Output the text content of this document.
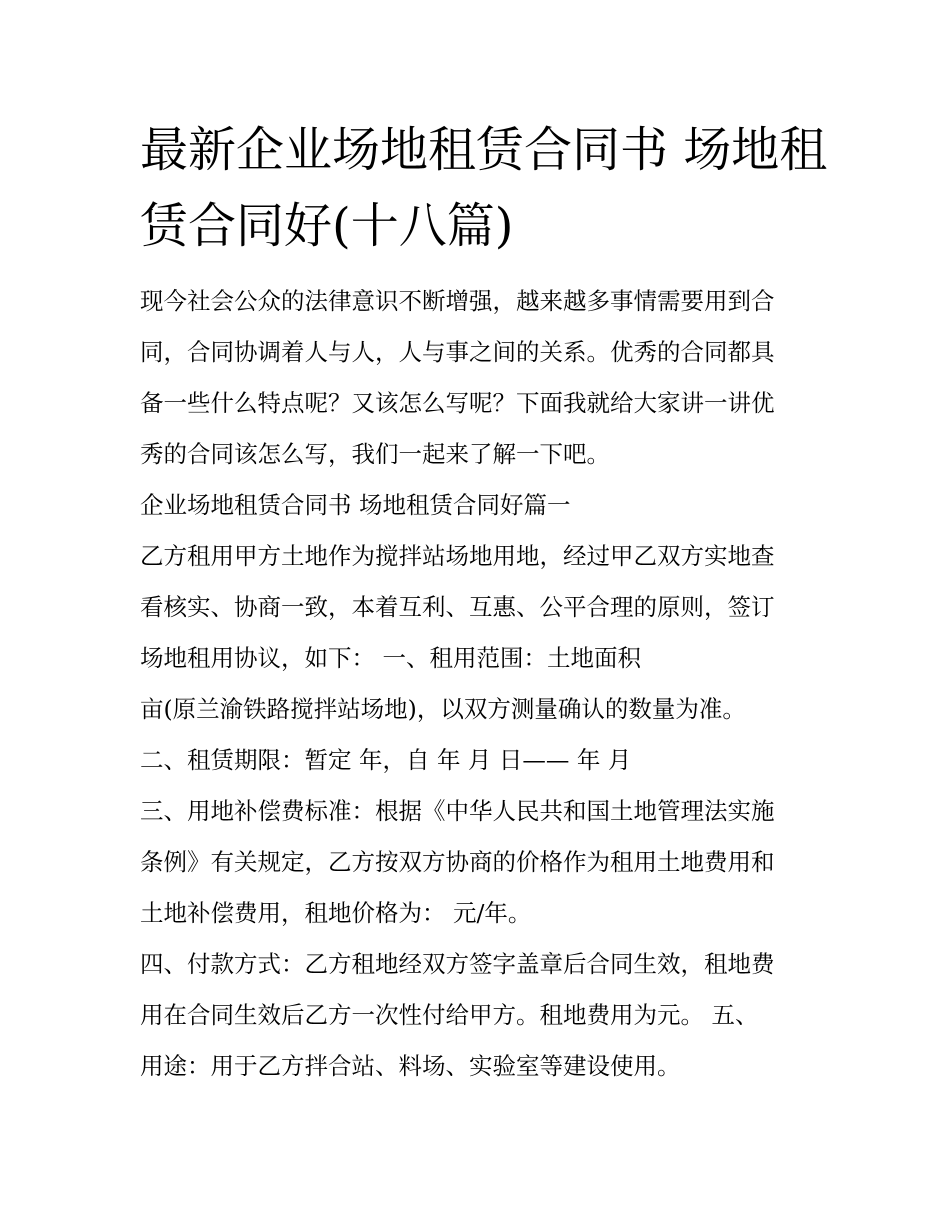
最新企业场地租赁合同书 场地租赁合同好(十八篇)

现今社会公众的法律意识不断增强，越来越多事情需要用到合

同，合同协调着人与人，人与事之间的关系。优秀的合同都具

备一些什么特点呢？又该怎么写呢？下面我就给大家讲一讲优

秀的合同该怎么写，我们一起来了解一下吧。

企业场地租赁合同书 场地租赁合同好篇一

乙方租用甲方土地作为搅拌站场地用地，经过甲乙双方实地查

看核实、协商一致，本着互利、互惠、公平合理的原则，签订

场地租用协议，如下： 一、租用范围：土地面积

亩(原兰渝铁路搅拌站场地)，以双方测量确认的数量为准。

二、租赁期限：暂定 年，自 年 月 日—— 年 月

三、用地补偿费标准：根据《中华人民共和国土地管理法实施

条例》有关规定，乙方按双方协商的价格作为租用土地费用和

土地补偿费用，租地价格为： 元/年。

四、付款方式：乙方租地经双方签字盖章后合同生效，租地费

用在合同生效后乙方一次性付给甲方。租地费用为元。 五、

用途：用于乙方拌合站、料场、实验室等建设使用。
